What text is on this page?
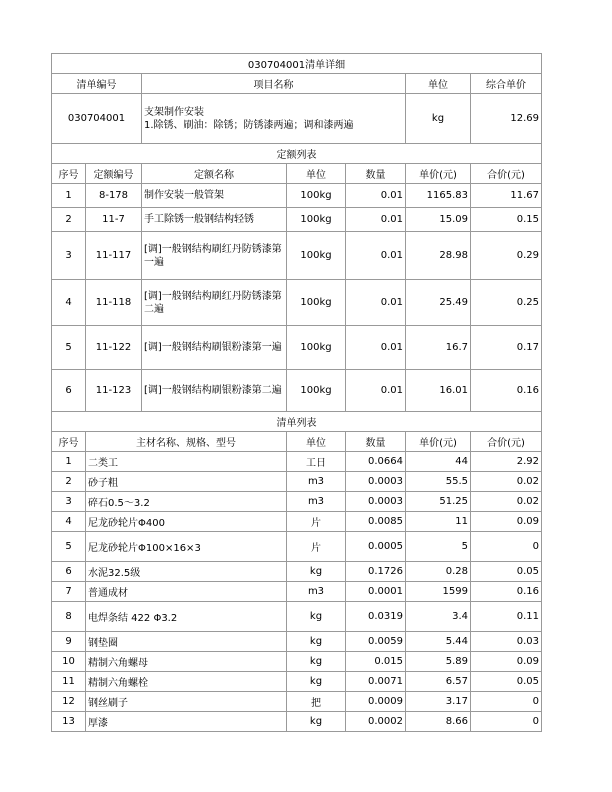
030704001清单详细						
清单编号		项目名称			单位	综合单价
030704001		支架制作安装
1.除锈、刷油：除锈；防锈漆两遍；调和漆两遍			kg	12.69
定额列表						
序号	定额编号	定额名称	单位	数量	单价(元)	合价(元)
1	8-178	制作安装一般管架	100kg	0.01	1165.83	11.67
2	11-7	手工除锈一般钢结构轻锈	100kg	0.01	15.09	0.15
3	11-117	[调]一般钢结构刷红丹防锈漆第一遍	100kg	0.01	28.98	0.29
4	11-118	[调]一般钢结构刷红丹防锈漆第二遍	100kg	0.01	25.49	0.25
5	11-122	[调]一般钢结构刷银粉漆第一遍	100kg	0.01	16.7	0.17
6	11-123	[调]一般钢结构刷银粉漆第二遍	100kg	0.01	16.01	0.16
清单列表						
序号	主材名称、规格、型号		单位	数量	单价(元)	合价(元)
1	二类工		工日	0.0664	44	2.92
2	砂子粗		m3	0.0003	55.5	0.02
3	碎石0.5～3.2		m3	0.0003	51.25	0.02
4	尼龙砂轮片Φ400		片	0.0085	11	0.09
5	尼龙砂轮片Φ100×16×3		片	0.0005	5	0
6	水泥32.5级		kg	0.1726	0.28	0.05
7	普通成材		m3	0.0001	1599	0.16
8	电焊条结 422 Φ3.2		kg	0.0319	3.4	0.11
9	钢垫圈		kg	0.0059	5.44	0.03
10	精制六角螺母		kg	0.015	5.89	0.09
11	精制六角螺栓		kg	0.0071	6.57	0.05
12	钢丝刷子		把	0.0009	3.17	0
13	厚漆		kg	0.0002	8.66	0
